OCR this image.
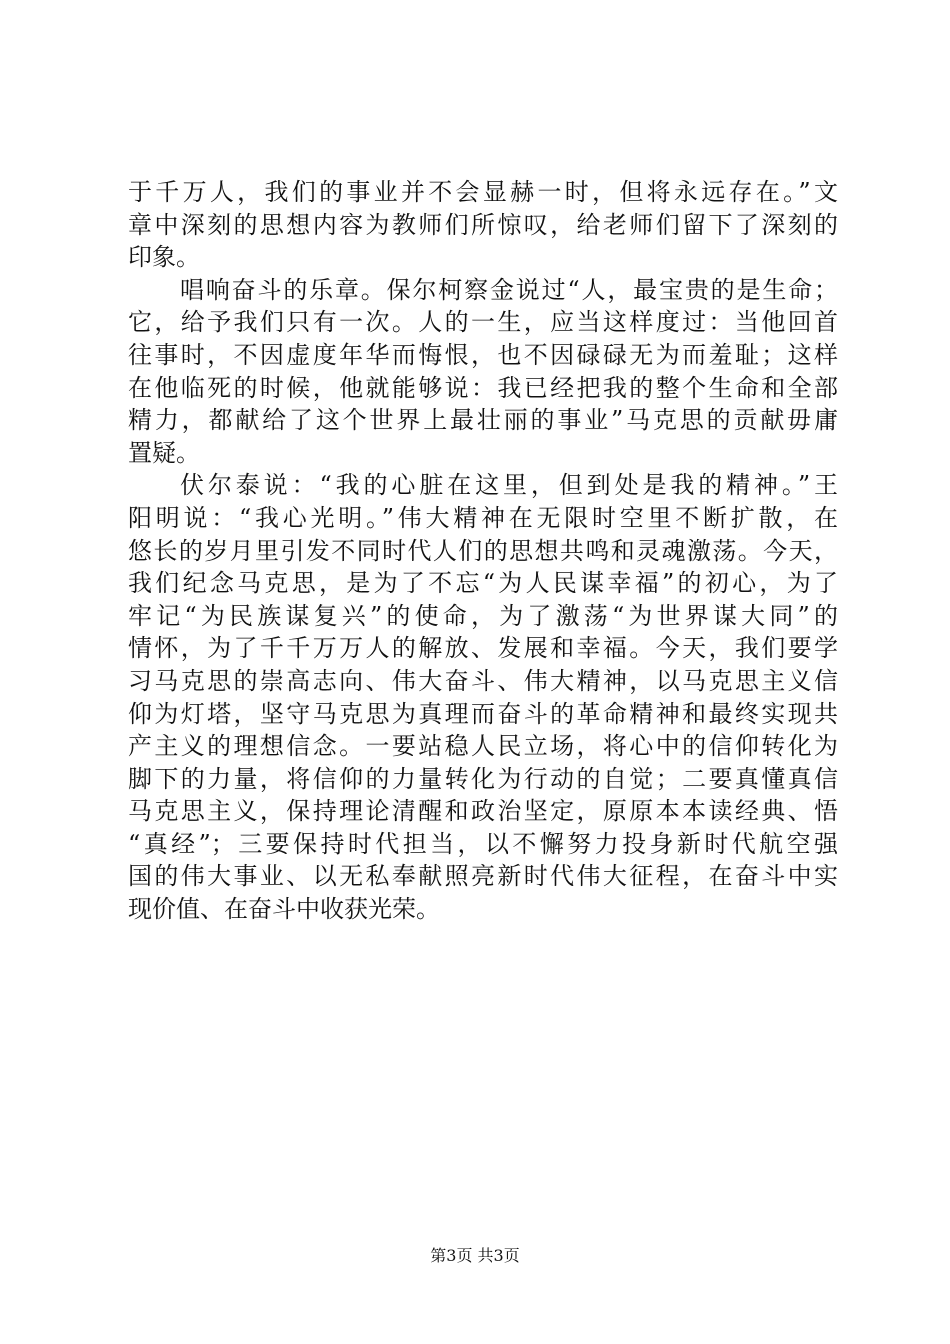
于千万人，我们的事业并不会显赫一时，但将永远存在。”文
章中深刻的思想内容为教师们所惊叹，给老师们留下了深刻的
印象。
唱响奋斗的乐章。保尔柯察金说过“人，最宝贵的是生命；
它，给予我们只有一次。人的一生，应当这样度过：当他回首
往事时，不因虚度年华而悔恨，也不因碌碌无为而羞耻；这样
在他临死的时候，他就能够说：我已经把我的整个生命和全部
精力，都献给了这个世界上最壮丽的事业”马克思的贡献毋庸
置疑。
伏尔泰说：“我的心脏在这里，但到处是我的精神。”王
阳明说：“我心光明。”伟大精神在无限时空里不断扩散，在
悠长的岁月里引发不同时代人们的思想共鸣和灵魂激荡。今天，
我们纪念马克思，是为了不忘“为人民谋幸福”的初心，为了
牢记“为民族谋复兴”的使命，为了激荡“为世界谋大同”的
情怀，为了千千万万人的解放、发展和幸福。今天，我们要学
习马克思的崇高志向、伟大奋斗、伟大精神，以马克思主义信
仰为灯塔，坚守马克思为真理而奋斗的革命精神和最终实现共
产主义的理想信念。一要站稳人民立场，将心中的信仰转化为
脚下的力量，将信仰的力量转化为行动的自觉；二要真懂真信
马克思主义，保持理论清醒和政治坚定，原原本本读经典、悟
“真经”；三要保持时代担当，以不懈努力投身新时代航空强
国的伟大事业、以无私奉献照亮新时代伟大征程，在奋斗中实
现价值、在奋斗中收获光荣。
第3页 共3页
